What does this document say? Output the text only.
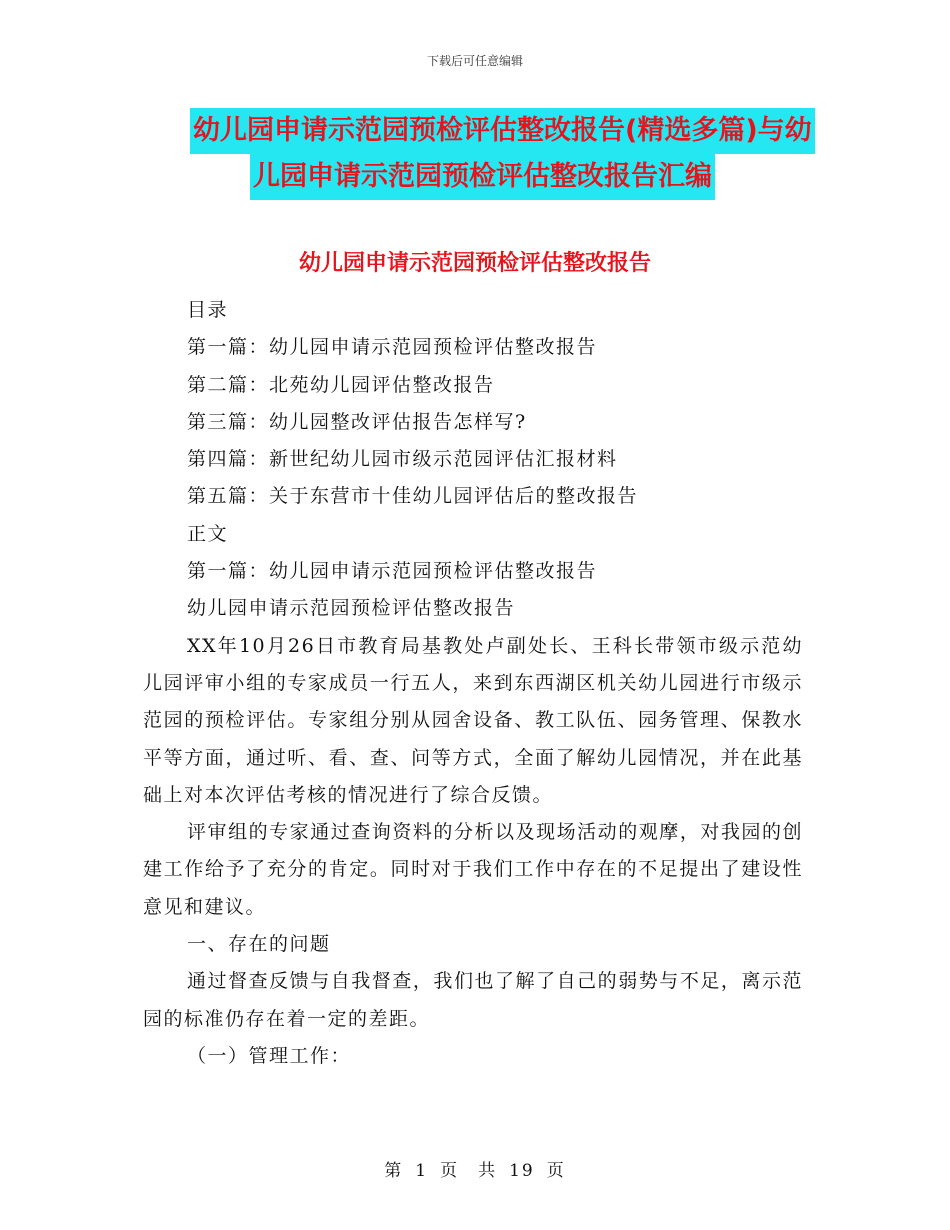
下载后可任意编辑
幼儿园申请示范园预检评估整改报告(精选多篇)与幼
儿园申请示范园预检评估整改报告汇编
幼儿园申请示范园预检评估整改报告

目录

第一篇：幼儿园申请示范园预检评估整改报告

第二篇：北苑幼儿园评估整改报告

第三篇：幼儿园整改评估报告怎样写?

第四篇：新世纪幼儿园市级示范园评估汇报材料

第五篇：关于东营市十佳幼儿园评估后的整改报告

正文

第一篇：幼儿园申请示范园预检评估整改报告

幼儿园申请示范园预检评估整改报告

XX年10月26日市教育局基教处卢副处长、王科长带领市级示范幼儿园评审小组的专家成员一行五人，来到东西湖区机关幼儿园进行市级示范园的预检评估。专家组分别从园舍设备、教工队伍、园务管理、保教水平等方面，通过听、看、查、问等方式，全面了解幼儿园情况，并在此基础上对本次评估考核的情况进行了综合反馈。

评审组的专家通过查询资料的分析以及现场活动的观摩，对我园的创建工作给予了充分的肯定。同时对于我们工作中存在的不足提出了建设性意见和建议。

一、存在的问题

通过督查反馈与自我督查，我们也了解了自己的弱势与不足，离示范园的标准仍存在着一定的差距。

（一）管理工作：

第 1 页　共 19 页
